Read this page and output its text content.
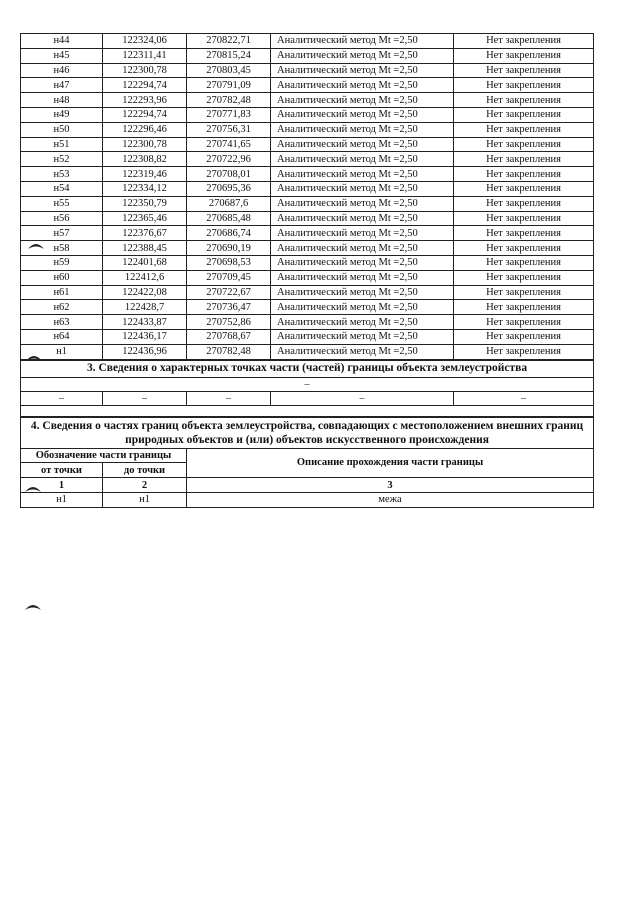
н44	122324,06	270822,71	Аналитический метод Mt =2,50	Нет закрепления
н45	122311,41	270815,24	Аналитический метод Mt =2,50	Нет закрепления
н46	122300,78	270803,45	Аналитический метод Mt =2,50	Нет закрепления
н47	122294,74	270791,09	Аналитический метод Mt =2,50	Нет закрепления
н48	122293,96	270782,48	Аналитический метод Mt =2,50	Нет закрепления
н49	122294,74	270771,83	Аналитический метод Mt =2,50	Нет закрепления
н50	122296,46	270756,31	Аналитический метод Mt =2,50	Нет закрепления
н51	122300,78	270741,65	Аналитический метод Mt =2,50	Нет закрепления
н52	122308,82	270722,96	Аналитический метод Mt =2,50	Нет закрепления
н53	122319,46	270708,01	Аналитический метод Mt =2,50	Нет закрепления
н54	122334,12	270695,36	Аналитический метод Mt =2,50	Нет закрепления
н55	122350,79	270687,6	Аналитический метод Mt =2,50	Нет закрепления
н56	122365,46	270685,48	Аналитический метод Mt =2,50	Нет закрепления
н57	122376,67	270686,74	Аналитический метод Mt =2,50	Нет закрепления
н58	122388,45	270690,19	Аналитический метод Mt =2,50	Нет закрепления
н59	122401,68	270698,53	Аналитический метод Mt =2,50	Нет закрепления
н60	122412,6	270709,45	Аналитический метод Mt =2,50	Нет закрепления
н61	122422,08	270722,67	Аналитический метод Mt =2,50	Нет закрепления
н62	122428,7	270736,47	Аналитический метод Mt =2,50	Нет закрепления
н63	122433,87	270752,86	Аналитический метод Mt =2,50	Нет закрепления
н64	122436,17	270768,67	Аналитический метод Mt =2,50	Нет закрепления
н1	122436,96	270782,48	Аналитический метод Mt =2,50	Нет закрепления
3. Сведения о характерных точках части (частей) границы объекта землеустройства
–
–	–	–	–	–

4. Сведения о частях границ объекта землеустройства, совпадающих с местоположением внешних границ природных объектов и (или) объектов искусственного происхождения		
Обозначение части границы		Описание прохождения части границы
от точки	до точки	
1	2	3
н1	н1	межа
